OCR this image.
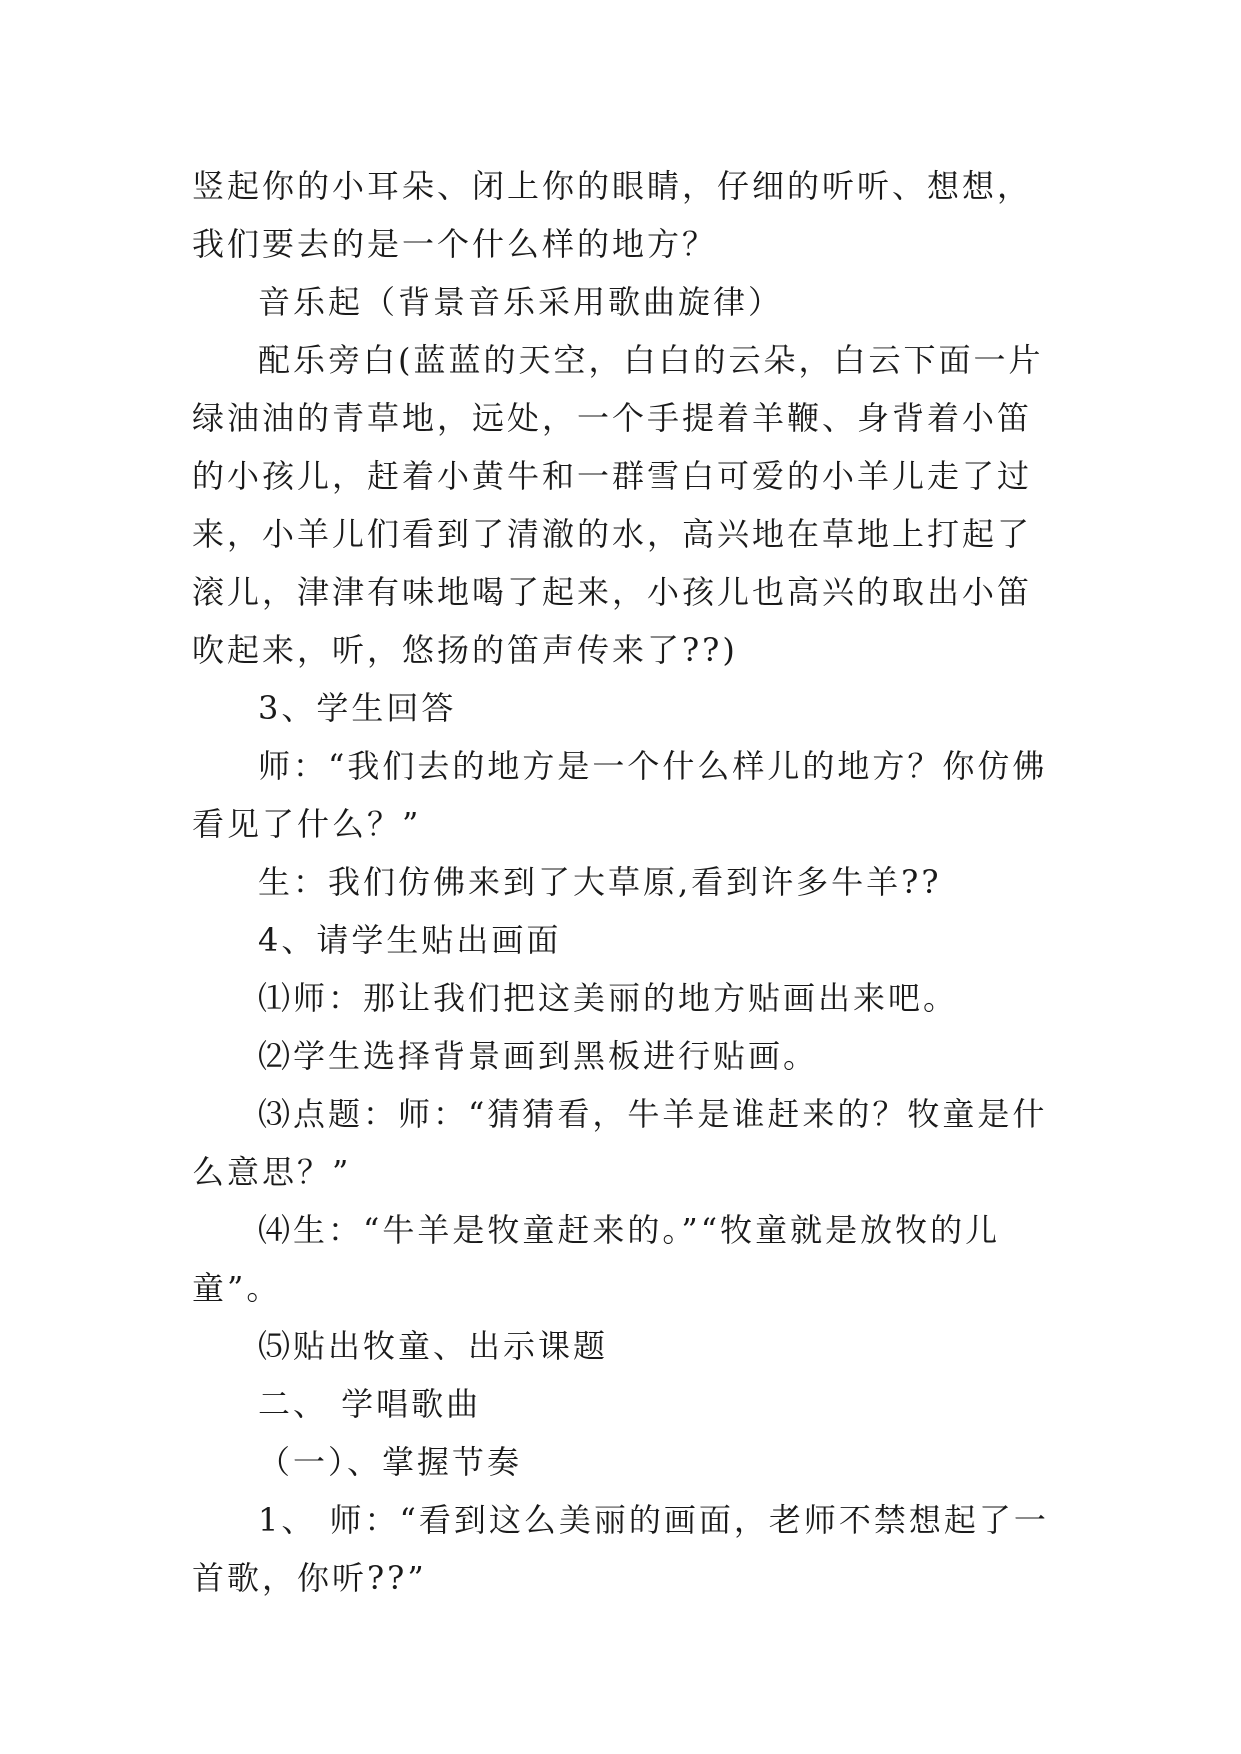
竖起你的小耳朵、闭上你的眼睛，仔细的听听、想想，我们要去的是一个什么样的地方？

音乐起（背景音乐采用歌曲旋律）

配乐旁白(蓝蓝的天空，白白的云朵，白云下面一片绿油油的青草地，远处，一个手提着羊鞭、身背着小笛的小孩儿，赶着小黄牛和一群雪白可爱的小羊儿走了过来，小羊儿们看到了清澈的水，高兴地在草地上打起了滚儿，津津有味地喝了起来，小孩儿也高兴的取出小笛吹起来，听，悠扬的笛声传来了??)

3、学生回答

师：“我们去的地方是一个什么样儿的地方？你仿佛看见了什么？”

生：我们仿佛来到了大草原,看到许多牛羊??

4、请学生贴出画面

⑴师：那让我们把这美丽的地方贴画出来吧。

⑵学生选择背景画到黑板进行贴画。

⑶点题：师：“猜猜看，牛羊是谁赶来的？牧童是什么意思？”

⑷生：“牛羊是牧童赶来的。”“牧童就是放牧的儿童”。

⑸贴出牧童、出示课题

二、 学唱歌曲

（一）、掌握节奏

1、 师：“看到这么美丽的画面，老师不禁想起了一首歌，你听??”
